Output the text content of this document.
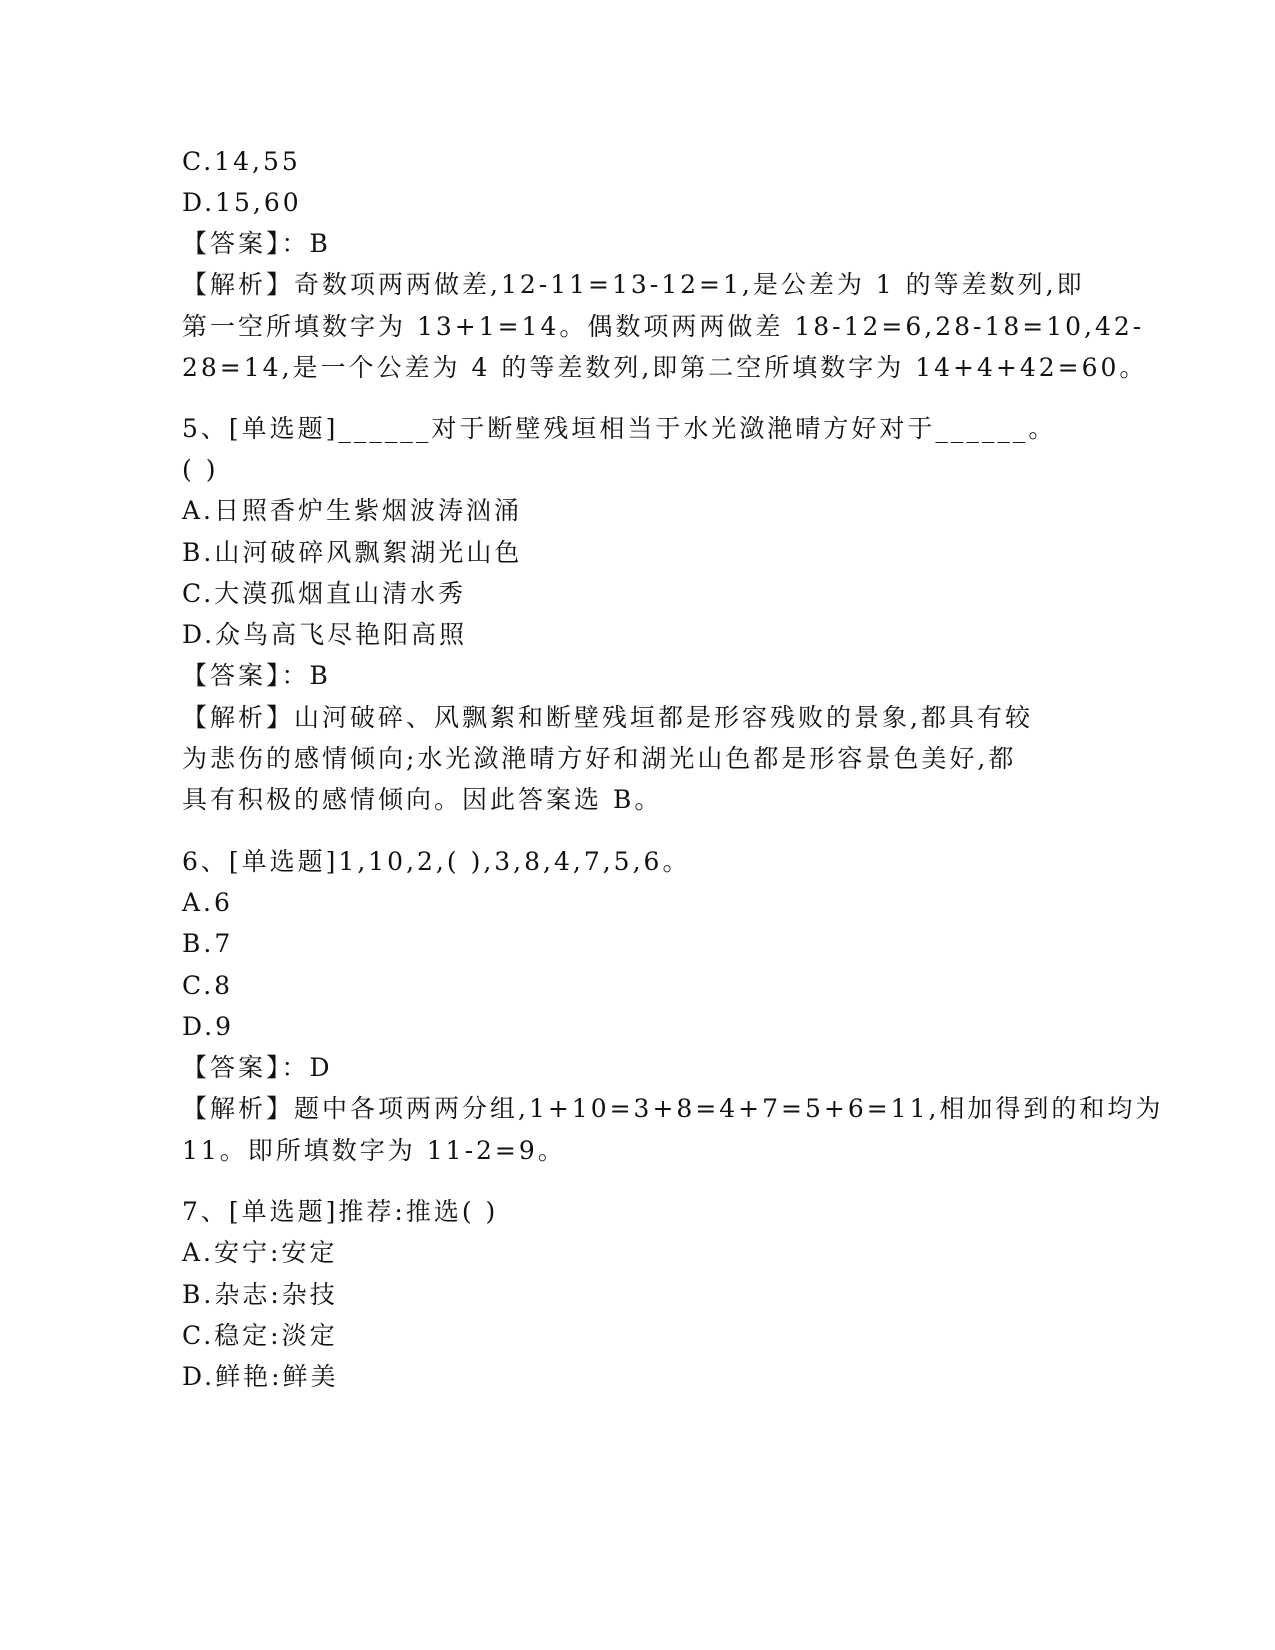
C.14,55
D.15,60
【答案】：B
【解析】奇数项两两做差,12-11=13-12=1,是公差为 1 的等差数列,即
第一空所填数字为 13+1=14。偶数项两两做差 18-12=6,28-18=10,42-
28=14,是一个公差为 4 的等差数列,即第二空所填数字为 14+4+42=60。
5、[单选题]______对于断壁残垣相当于水光潋滟晴方好对于______。
( )
A.日照香炉生紫烟波涛汹涌
B.山河破碎风飘絮湖光山色
C.大漠孤烟直山清水秀
D.众鸟高飞尽艳阳高照
【答案】：B
【解析】山河破碎、风飘絮和断壁残垣都是形容残败的景象,都具有较
为悲伤的感情倾向;水光潋滟晴方好和湖光山色都是形容景色美好,都
具有积极的感情倾向。因此答案选 B。
6、[单选题]1,10,2,( ),3,8,4,7,5,6。
A.6
B.7
C.8
D.9
【答案】：D
【解析】题中各项两两分组,1+10=3+8=4+7=5+6=11,相加得到的和均为
11。即所填数字为 11-2=9。
7、[单选题]推荐:推选( )
A.安宁:安定
B.杂志:杂技
C.稳定:淡定
D.鲜艳:鲜美
